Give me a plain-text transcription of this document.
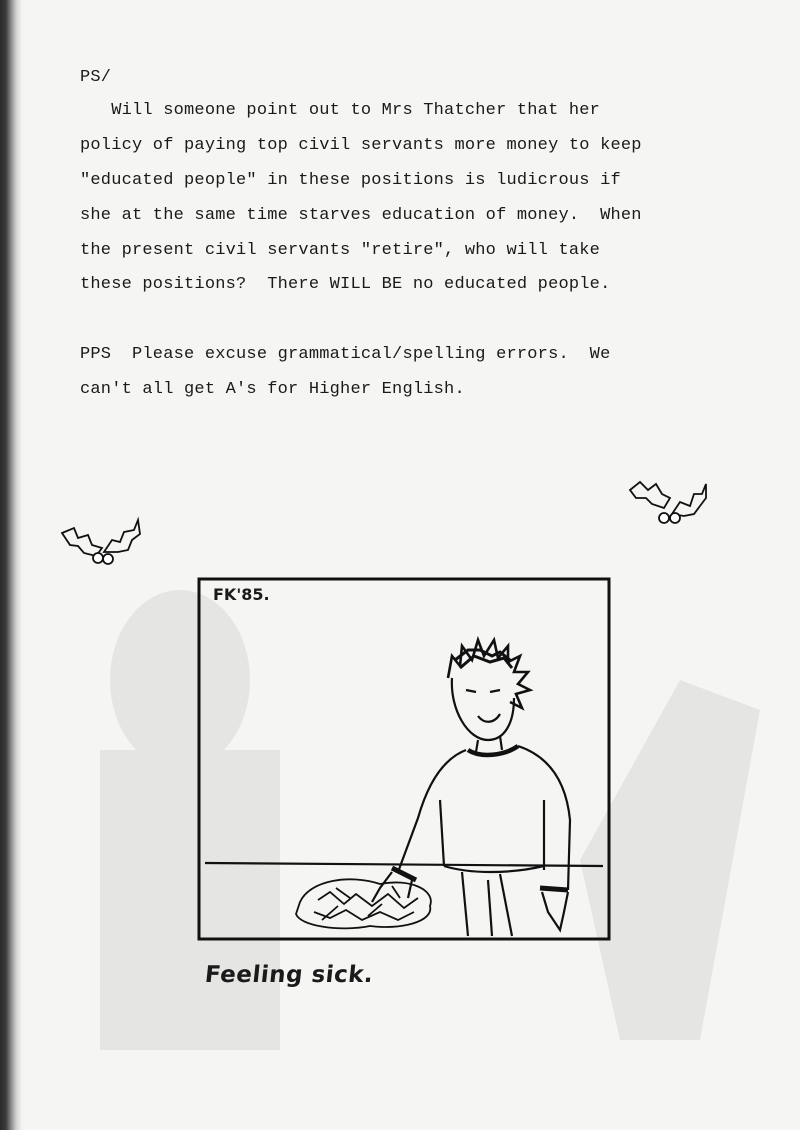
PS/
Will someone point out to Mrs Thatcher that her
policy of paying top civil servants more money to keep
"educated people" in these positions is ludicrous if
she at the same time starves education of money.  When
the present civil servants "retire", who will take
these positions?  There WILL BE no educated people.
PPS  Please excuse grammatical/spelling errors.  We
can't all get A's for Higher English.
FK'85.
Feeling sick.
